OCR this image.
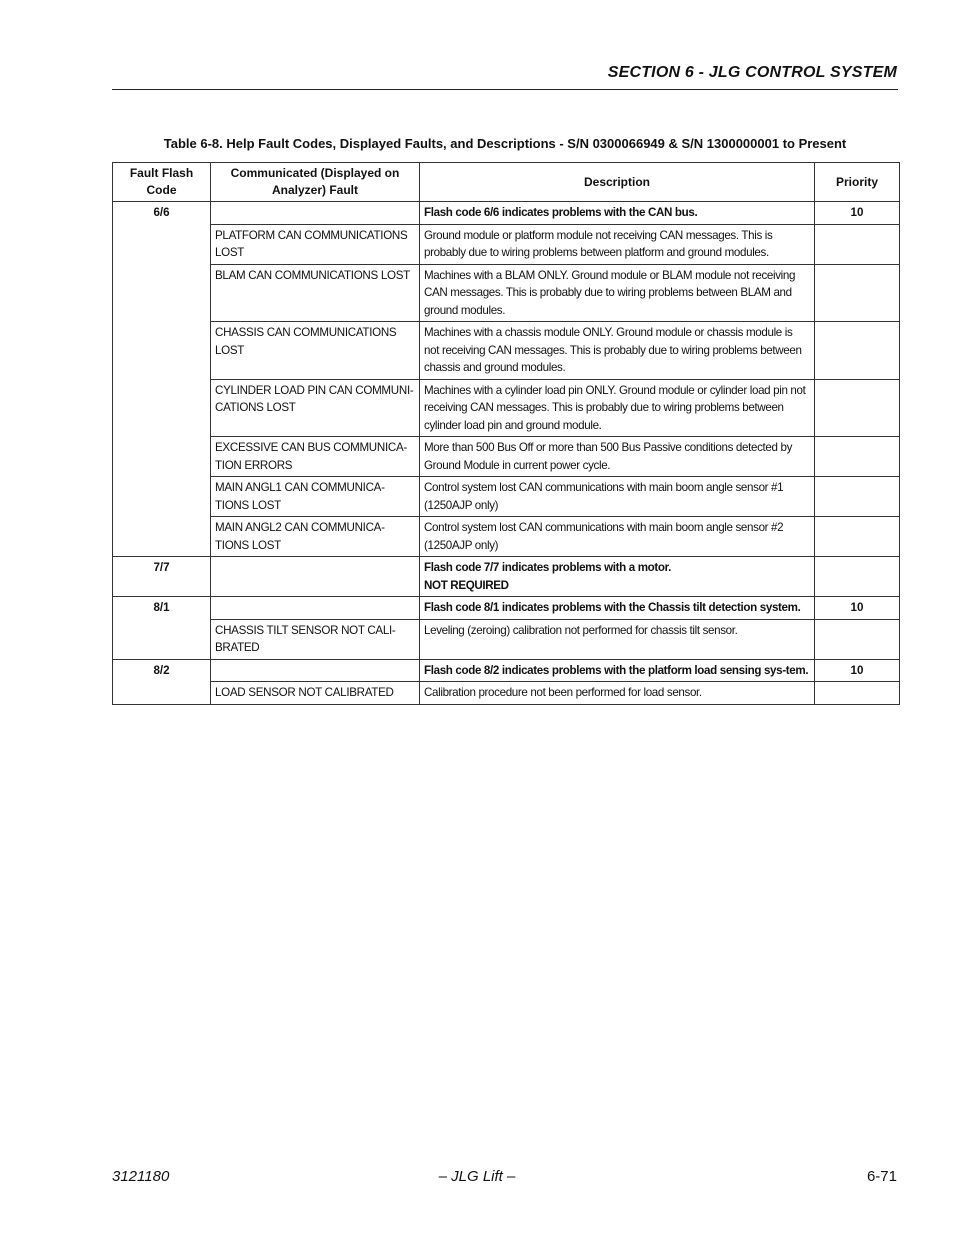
SECTION 6 - JLG CONTROL SYSTEM
Table 6-8. Help Fault Codes, Displayed Faults, and Descriptions - S/N 0300066949 & S/N 1300000001 to Present
Fault Flash Code	Communicated (Displayed on Analyzer) Fault	Description	Priority
6/6		Flash code 6/6 indicates problems with the CAN bus.	10
	PLATFORM CAN COMMUNICATIONS LOST	Ground module or platform module not receiving CAN messages. This is probably due to wiring problems between platform and ground modules.	
	BLAM CAN COMMUNICATIONS LOST	Machines with a BLAM ONLY. Ground module or BLAM module not receiving CAN messages. This is probably due to wiring problems between BLAM and ground modules.	
	CHASSIS CAN COMMUNICATIONS LOST	Machines with a chassis module ONLY. Ground module or chassis module is not receiving CAN messages. This is probably due to wiring problems between chassis and ground modules.	
	CYLINDER LOAD PIN CAN COMMUNI-CATIONS LOST	Machines with a cylinder load pin ONLY. Ground module or cylinder load pin not receiving CAN messages. This is probably due to wiring problems between cylinder load pin and ground module.	
	EXCESSIVE CAN BUS COMMUNICA-TION ERRORS	More than 500 Bus Off or more than 500 Bus Passive conditions detected by Ground Module in current power cycle.	
	MAIN ANGL1 CAN COMMUNICA-TIONS LOST	Control system lost CAN communications with main boom angle sensor #1 (1250AJP only)	
	MAIN ANGL2 CAN COMMUNICA-TIONS LOST	Control system lost CAN communications with main boom angle sensor #2 (1250AJP only)	
7/7		Flash code 7/7 indicates problems with a motor.
NOT REQUIRED	

8/1		Flash code 8/1 indicates problems with the Chassis tilt detection system.	10
	CHASSIS TILT SENSOR NOT CALI-BRATED	Leveling (zeroing) calibration not performed for chassis tilt sensor.	
8/2		Flash code 8/2 indicates problems with the platform load sensing sys-tem.	10
	LOAD SENSOR NOT CALIBRATED	Calibration procedure not been performed for load sensor.	
3121180	– JLG Lift –	6-71
